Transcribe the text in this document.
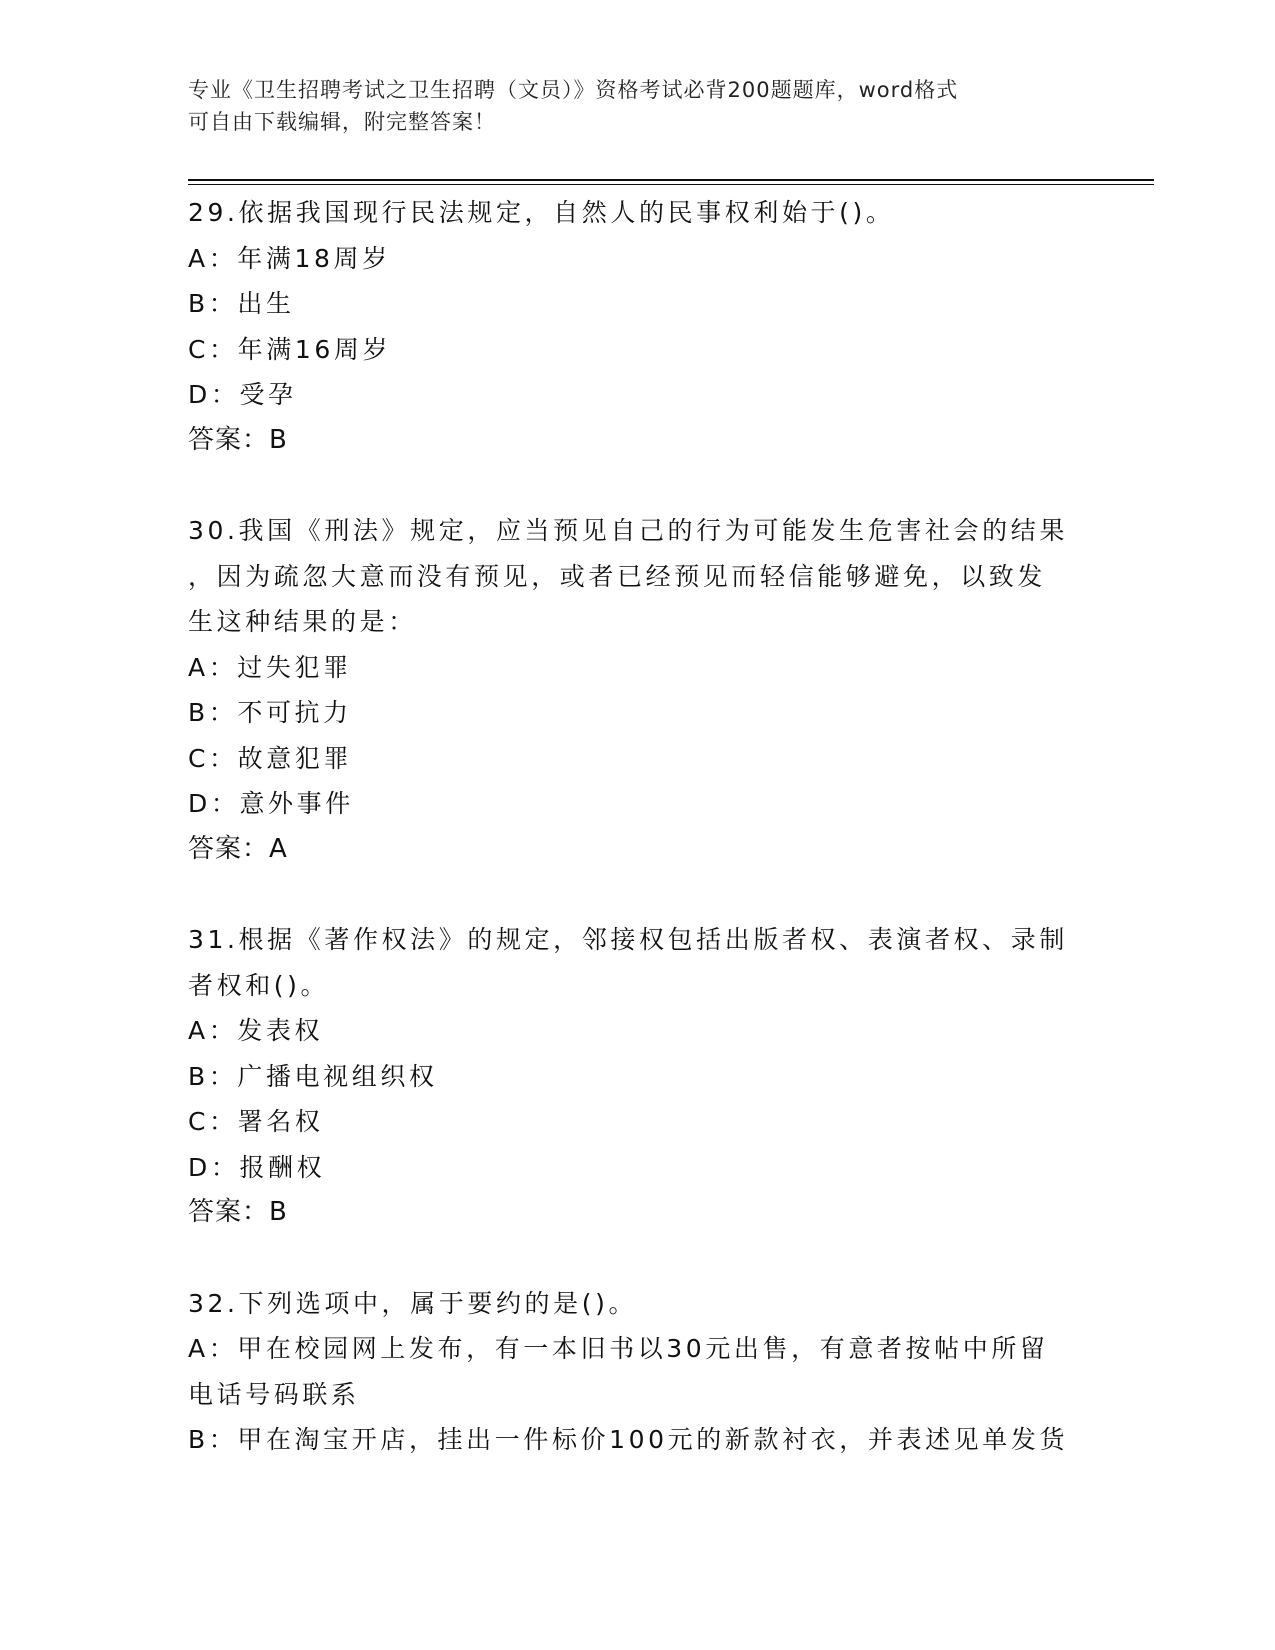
专业《卫生招聘考试之卫生招聘（文员）》资格考试必背200题题库，word格式
可自由下载编辑，附完整答案！
29.依据我国现行民法规定，自然人的民事权利始于()。
A：年满18周岁
B：出生
C：年满16周岁
D：受孕
答案：B
30.我国《刑法》规定，应当预见自己的行为可能发生危害社会的结果
，因为疏忽大意而没有预见，或者已经预见而轻信能够避免，以致发
生这种结果的是：
A：过失犯罪
B：不可抗力
C：故意犯罪
D：意外事件
答案：A
31.根据《著作权法》的规定，邻接权包括出版者权、表演者权、录制
者权和()。
A：发表权
B：广播电视组织权
C：署名权
D：报酬权
答案：B
32.下列选项中，属于要约的是()。
A：甲在校园网上发布，有一本旧书以30元出售，有意者按帖中所留
电话号码联系
B：甲在淘宝开店，挂出一件标价100元的新款衬衣，并表述见单发货
